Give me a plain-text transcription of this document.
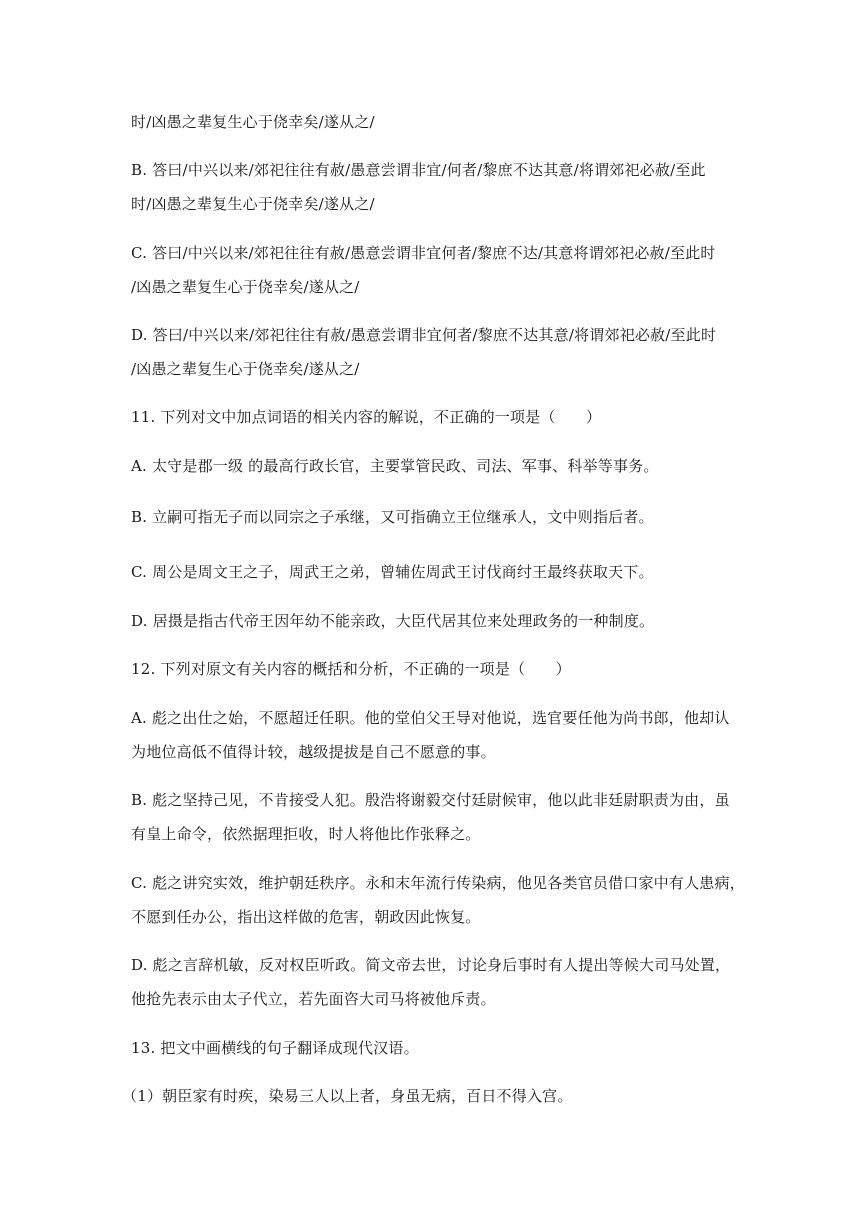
时/凶愚之辈复生心于侥幸矣/遂从之/
B. 答曰/中兴以来/郊祀往往有赦/愚意尝谓非宜/何者/黎庶不达其意/将谓郊祀必赦/至此
时/凶愚之辈复生心于侥幸矣/遂从之/
C. 答曰/中兴以来/郊祀往往有赦/愚意尝谓非宜何者/黎庶不达/其意将谓郊祀必赦/至此时
/凶愚之辈复生心于侥幸矣/遂从之/
D. 答曰/中兴以来/郊祀往往有赦/愚意尝谓非宜何者/黎庶不达其意/将谓郊祀必赦/至此时
/凶愚之辈复生心于侥幸矣/遂从之/
11. 下列对文中加点词语的相关内容的解说，不正确的一项是（　　）
A. 太守是郡一级 的最高行政长官，主要掌管民政、司法、军事、科举等事务。
B. 立嗣可指无子而以同宗之子承继，又可指确立王位继承人，文中则指后者。
C. 周公是周文王之子，周武王之弟，曾辅佐周武王讨伐商纣王最终获取天下。
D. 居摄是指古代帝王因年幼不能亲政，大臣代居其位来处理政务的一种制度。
12. 下列对原文有关内容的概括和分析，不正确的一项是（　　）
A. 彪之出仕之始，不愿超迁任职。他的堂伯父王导对他说，选官要任他为尚书郎，他却认
为地位高低不值得计较，越级提拔是自己不愿意的事。
B. 彪之坚持己见，不肯接受人犯。殷浩将谢毅交付廷尉候审，他以此非廷尉职责为由，虽
有皇上命令，依然据理拒收，时人将他比作张释之。
C. 彪之讲究实效，维护朝廷秩序。永和末年流行传染病，他见各类官员借口家中有人患病，
不愿到任办公，指出这样做的危害，朝政因此恢复。
D. 彪之言辞机敏，反对权臣听政。简文帝去世，讨论身后事时有人提出等候大司马处置，
他抢先表示由太子代立，若先面咨大司马将被他斥责。
13. 把文中画横线的句子翻译成现代汉语。
（1）朝臣家有时疾，染易三人以上者，身虽无病，百日不得入宫。
